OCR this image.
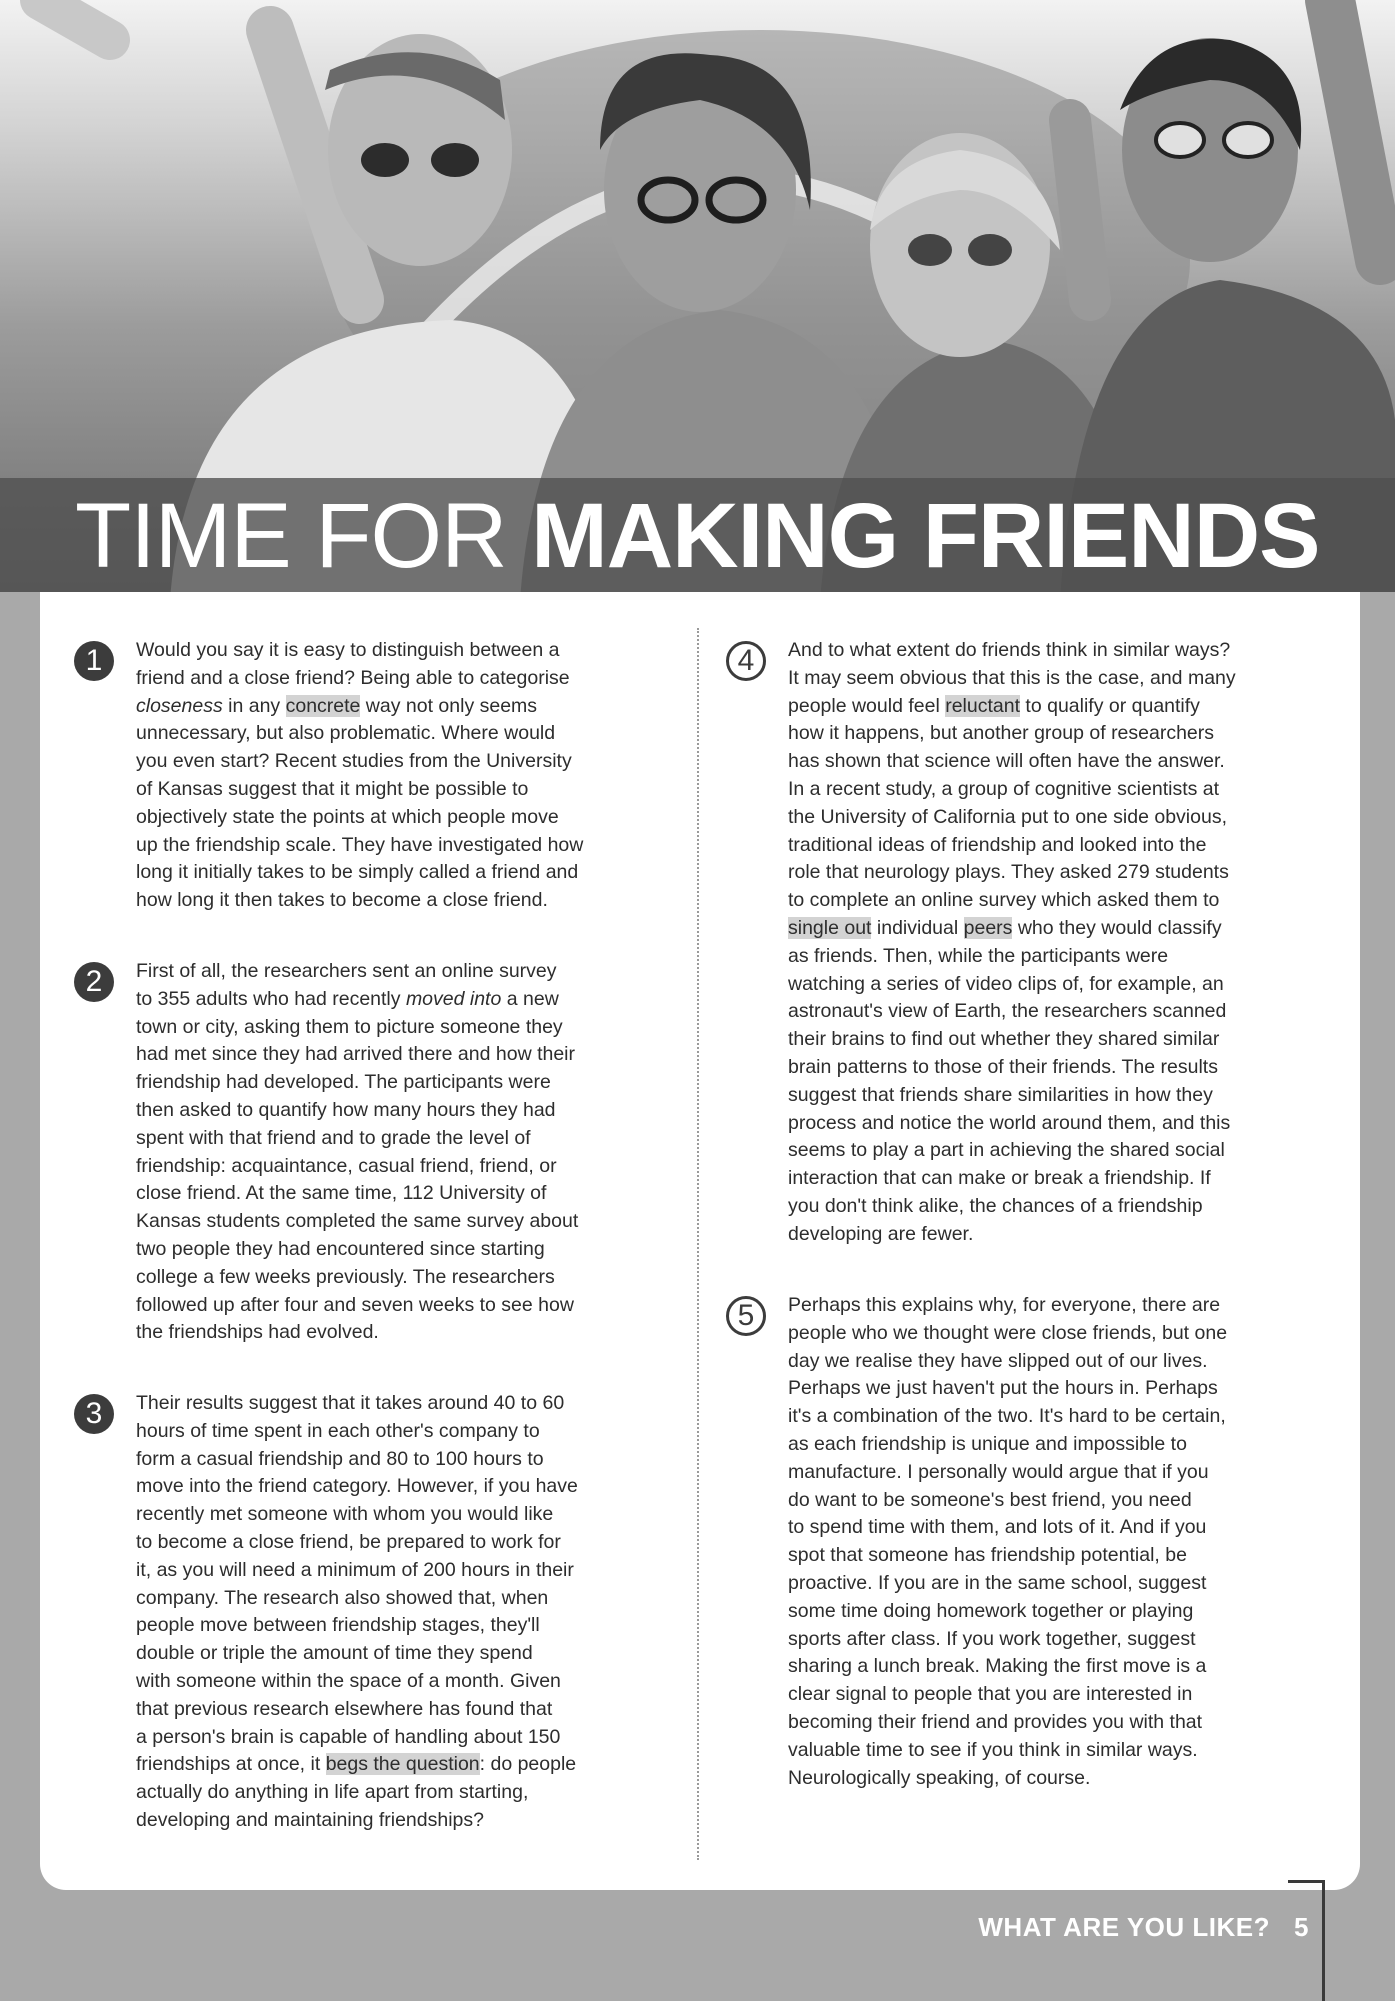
TIME FOR MAKING FRIENDS
1	Would you say it is easy to distinguish between a
friend and a close friend? Being able to categorise
closeness in any concrete way not only seems
unnecessary, but also problematic. Where would
you even start? Recent studies from the University
of Kansas suggest that it might be possible to
objectively state the points at which people move
up the friendship scale. They have investigated how
long it initially takes to be simply called a friend and
how long it then takes to become a close friend.
2	First of all, the researchers sent an online survey
to 355 adults who had recently moved into a new
town or city, asking them to picture someone they
had met since they had arrived there and how their
friendship had developed. The participants were
then asked to quantify how many hours they had
spent with that friend and to grade the level of
friendship: acquaintance, casual friend, friend, or
close friend. At the same time, 112 University of
Kansas students completed the same survey about
two people they had encountered since starting
college a few weeks previously. The researchers
followed up after four and seven weeks to see how
the friendships had evolved.
3	Their results suggest that it takes around 40 to 60
hours of time spent in each other's company to
form a casual friendship and 80 to 100 hours to
move into the friend category. However, if you have
recently met someone with whom you would like
to become a close friend, be prepared to work for
it, as you will need a minimum of 200 hours in their
company. The research also showed that, when
people move between friendship stages, they'll
double or triple the amount of time they spend
with someone within the space of a month. Given
that previous research elsewhere has found that
a person's brain is capable of handling about 150
friendships at once, it begs the question: do people
actually do anything in life apart from starting,
developing and maintaining friendships?
4	And to what extent do friends think in similar ways?
It may seem obvious that this is the case, and many
people would feel reluctant to qualify or quantify
how it happens, but another group of researchers
has shown that science will often have the answer.
In a recent study, a group of cognitive scientists at
the University of California put to one side obvious,
traditional ideas of friendship and looked into the
role that neurology plays. They asked 279 students
to complete an online survey which asked them to
single out individual peers who they would classify
as friends. Then, while the participants were
watching a series of video clips of, for example, an
astronaut's view of Earth, the researchers scanned
their brains to find out whether they shared similar
brain patterns to those of their friends. The results
suggest that friends share similarities in how they
process and notice the world around them, and this
seems to play a part in achieving the shared social
interaction that can make or break a friendship. If
you don't think alike, the chances of a friendship
developing are fewer.
5	Perhaps this explains why, for everyone, there are
people who we thought were close friends, but one
day we realise they have slipped out of our lives.
Perhaps we just haven't put the hours in. Perhaps
it's a combination of the two. It's hard to be certain,
as each friendship is unique and impossible to
manufacture. I personally would argue that if you
do want to be someone's best friend, you need
to spend time with them, and lots of it. And if you
spot that someone has friendship potential, be
proactive. If you are in the same school, suggest
some time doing homework together or playing
sports after class. If you work together, suggest
sharing a lunch break. Making the first move is a
clear signal to people that you are interested in
becoming their friend and provides you with that
valuable time to see if you think in similar ways.
Neurologically speaking, of course.

WHAT ARE YOU LIKE? 5
